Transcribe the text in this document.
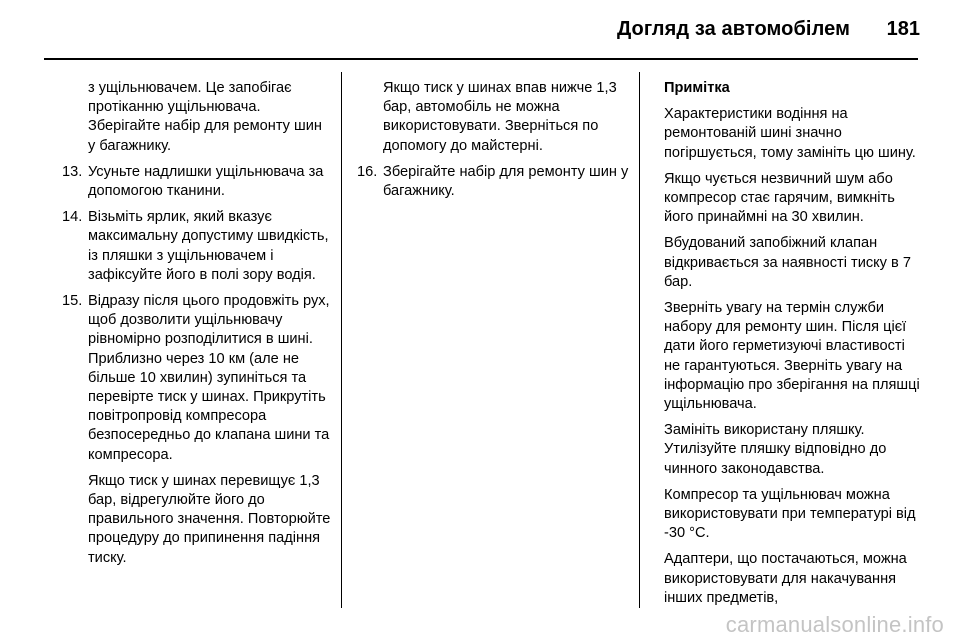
Догляд за автомобілем 181

з ущільнювачем. Це запобігає протіканню ущільнювача. Зберігайте набір для ремонту шин у багажнику.

13. Усуньте надлишки ущільнювача за допомогою тканини.
14. Візьміть ярлик, який вказує максимальну допустиму швидкість, із пляшки з ущільнювачем і зафіксуйте його в полі зору водія.
15. Відразу після цього продовжіть рух, щоб дозволити ущільнювачу рівномірно розподілитися в шині. Приблизно через 10 км (але не більше 10 хвилин) зупиніться та перевірте тиск у шинах. Прикрутіть повітропровід компресора безпосередньо до клапана шини та компресора.

Якщо тиск у шинах перевищує 1,3 бар, відрегулюйте його до правильного значення. Повторюйте процедуру до припинення падіння тиску.

Якщо тиск у шинах впав нижче 1,3 бар, автомобіль не можна використовувати. Зверніться по допомогу до майстерні.

16. Зберігайте набір для ремонту шин у багажнику.

Примітка

Характеристики водіння на ремонтованій шині значно погіршується, тому замініть цю шину.

Якщо чується незвичний шум або компресор стає гарячим, вимкніть його принаймні на 30 хвилин.

Вбудований запобіжний клапан відкривається за наявності тиску в 7 бар.

Зверніть увагу на термін служби набору для ремонту шин. Після цієї дати його герметизуючі властивості не гарантуються. Зверніть увагу на інформацію про зберігання на пляшці ущільнювача.

Замініть використану пляшку. Утилізуйте пляшку відповідно до чинного законодавства.

Компресор та ущільнювач можна використовувати при температурі від -30 °C.

Адаптери, що постачаються, можна використовувати для накачування інших предметів,

carmanualsonline.info
